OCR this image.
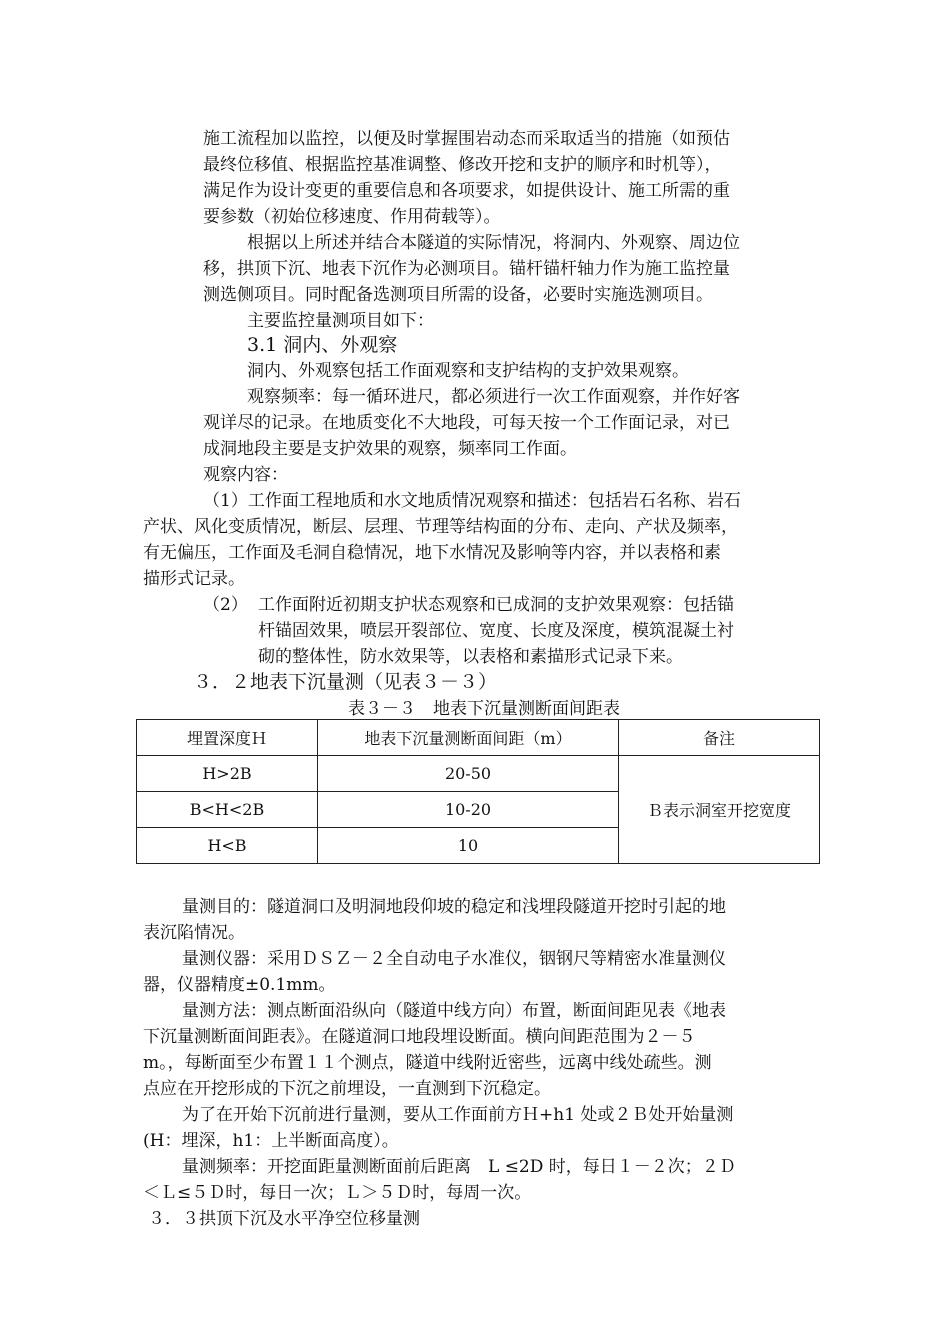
施工流程加以监控，以便及时掌握围岩动态而采取适当的措施（如预估
最终位移值、根据监控基准调整、修改开挖和支护的顺序和时机等），
满足作为设计变更的重要信息和各项要求，如提供设计、施工所需的重
要参数（初始位移速度、作用荷载等）。
根据以上所述并结合本隧道的实际情况，将洞内、外观察、周边位
移，拱顶下沉、地表下沉作为必测项目。锚杆锚杆轴力作为施工监控量
测选侧项目。同时配备选测项目所需的设备，必要时实施选测项目。
主要监控量测项目如下：
3.1 洞内、外观察
洞内、外观察包括工作面观察和支护结构的支护效果观察。
观察频率：每一循环进尺，都必须进行一次工作面观察，并作好客
观详尽的记录。在地质变化不大地段，可每天按一个工作面记录，对已
成洞地段主要是支护效果的观察，频率同工作面。
观察内容：
（1）工作面工程地质和水文地质情况观察和描述：包括岩石名称、岩石
产状、风化变质情况，断层、层理、节理等结构面的分布、走向、产状及频率，
有无偏压，工作面及毛洞自稳情况，地下水情况及影响等内容，并以表格和素
描形式记录。
（2） 工作面附近初期支护状态观察和已成洞的支护效果观察：包括锚
杆锚固效果，喷层开裂部位、宽度、长度及深度，模筑混凝土衬
砌的整体性，防水效果等，以表格和素描形式记录下来。
３．２地表下沉量测（见表３－３）
表３－３　地表下沉量测断面间距表
埋置深度Ｈ	地表下沉量测断面间距（m）	备注
H>2B	20-50	Ｂ表示洞室开挖宽度
B<H<2B	10-20	
H<B	10	
量测目的：隧道洞口及明洞地段仰坡的稳定和浅埋段隧道开挖时引起的地
表沉陷情况。
量测仪器：采用ＤＳＺ－２全自动电子水准仪，铟钢尺等精密水准量测仪
器，仪器精度±0.1mm。
量测方法：测点断面沿纵向（隧道中线方向）布置，断面间距见表《地表
下沉量测断面间距表》。在隧道洞口地段埋设断面。横向间距范围为２－５
m。，每断面至少布置１１个测点，隧道中线附近密些，远离中线处疏些。测
点应在开挖形成的下沉之前埋设，一直测到下沉稳定。
为了在开始下沉前进行量测，要从工作面前方Ｈ+h1 处或２Ｂ处开始量测
(H：埋深，h1：上半断面高度）。
量测频率：开挖面距量测断面前后距离　L ≤2D 时，每日１－２次；２Ｄ
＜Ｌ≤５Ｄ时，每日一次；Ｌ＞５Ｄ时，每周一次。
３．３拱顶下沉及水平净空位移量测
